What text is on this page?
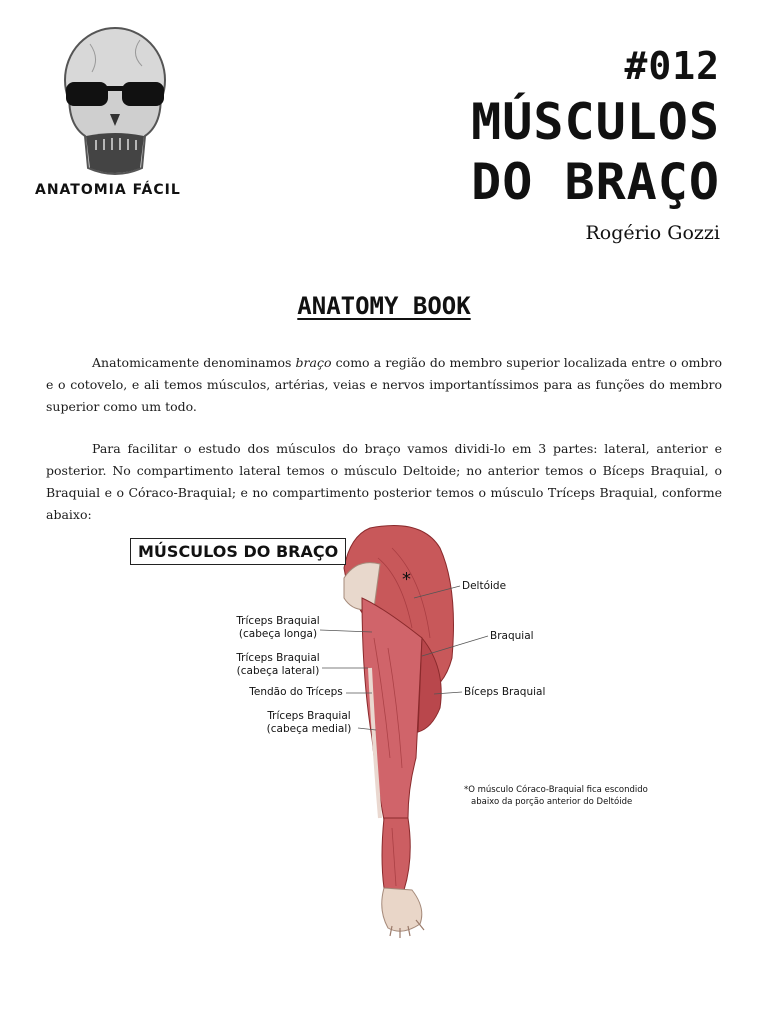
ANATOMIA FÁCIL
#012
MÚSCULOS
DO BRAÇO
Rogério Gozzi
ANATOMY BOOK

Anatomicamente denominamos braço como a região do membro superior localizada entre o ombro e o cotovelo, e ali temos músculos, artérias, veias e nervos importantíssimos para as funções do membro superior como um todo.

Para facilitar o estudo dos músculos do braço vamos dividi-lo em 3 partes: lateral, anterior e posterior. No compartimento lateral temos o músculo Deltoide; no anterior temos o Bíceps Braquial, o Braquial e o Córaco-Braquial; e no compartimento posterior temos o músculo Tríceps Braquial, conforme abaixo:

MÚSCULOS DO BRAÇO
*	Deltóide
Braquial
Bíceps Braquial
Tríceps Braquial
(cabeça longa)
Tríceps Braquial
(cabeça lateral)
Tendão do Tríceps
Tríceps Braquial
(cabeça medial)
*O músculo Córaco-Braquial fica escondido
abaixo da porção anterior do Deltóide
